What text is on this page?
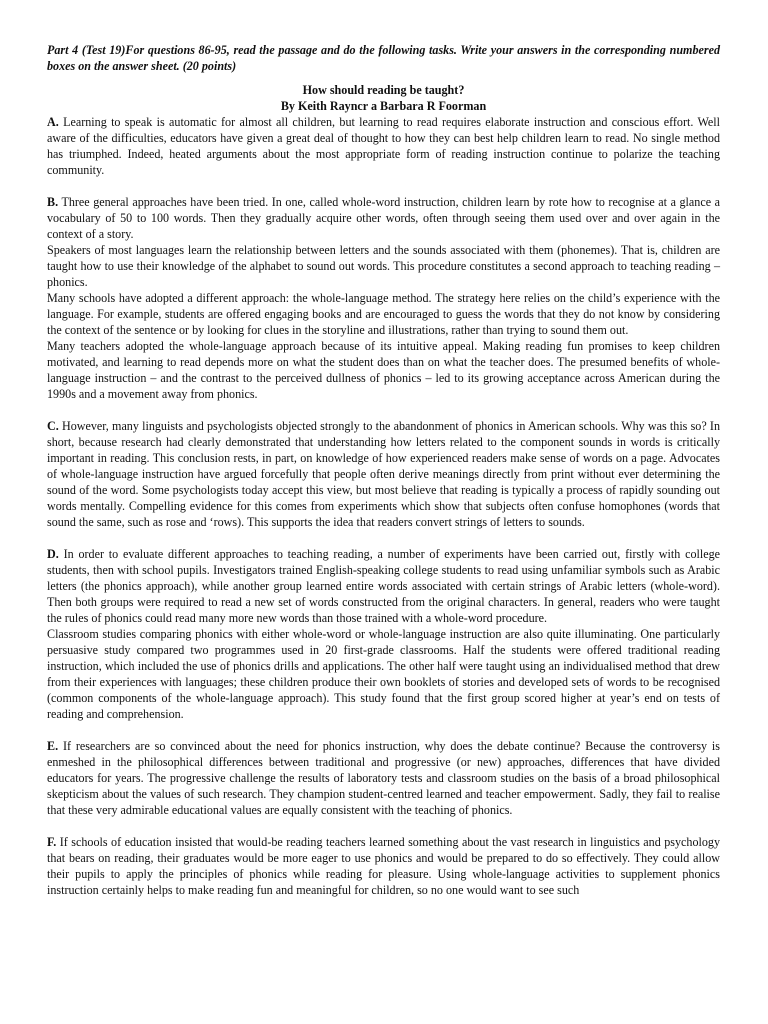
Part 4 (Test 19)For questions 86-95, read the passage and do the following tasks. Write your answers in the corresponding numbered boxes on the answer sheet. (20 points)

How should reading be taught?
By Keith Rayncr a Barbara R Foorman

A. Learning to speak is automatic for almost all children, but learning to read requires elaborate instruction and conscious effort. Well aware of the difficulties, educators have given a great deal of thought to how they can best help children learn to read. No single method has triumphed. Indeed, heated arguments about the most appropriate form of reading instruction continue to polarize the teaching community.

B. Three general approaches have been tried. In one, called whole-word instruction, children learn by rote how to recognise at a glance a vocabulary of 50 to 100 words. Then they gradually acquire other words, often through seeing them used over and over again in the context of a story.

Speakers of most languages learn the relationship between letters and the sounds associated with them (phonemes). That is, children are taught how to use their knowledge of the alphabet to sound out words. This procedure constitutes a second approach to teaching reading – phonics.

Many schools have adopted a different approach: the whole-language method. The strategy here relies on the child’s experience with the language. For example, students are offered engaging books and are encouraged to guess the words that they do not know by considering the context of the sentence or by looking for clues in the storyline and illustrations, rather than trying to sound them out.

Many teachers adopted the whole-language approach because of its intuitive appeal. Making reading fun promises to keep children motivated, and learning to read depends more on what the student does than on what the teacher does. The presumed benefits of whole-language instruction – and the contrast to the perceived dullness of phonics – led to its growing acceptance across American during the 1990s and a movement away from phonics.

C. However, many linguists and psychologists objected strongly to the abandonment of phonics in American schools. Why was this so? In short, because research had clearly demonstrated that understanding how letters related to the component sounds in words is critically important in reading. This conclusion rests, in part, on knowledge of how experienced readers make sense of words on a page. Advocates of whole-language instruction have argued forcefully that people often derive meanings directly from print without ever determining the sound of the word. Some psychologists today accept this view, but most believe that reading is typically a process of rapidly sounding out words mentally. Compelling evidence for this comes from experiments which show that subjects often confuse homophones (words that sound the same, such as rose and ‘rows). This supports the idea that readers convert strings of letters to sounds.

D. In order to evaluate different approaches to teaching reading, a number of experiments have been carried out, firstly with college students, then with school pupils. Investigators trained English-speaking college students to read using unfamiliar symbols such as Arabic letters (the phonics approach), while another group learned entire words associated with certain strings of Arabic letters (whole-word). Then both groups were required to read a new set of words constructed from the original characters. In general, readers who were taught the rules of phonics could read many more new words than those trained with a whole-word procedure.

Classroom studies comparing phonics with either whole-word or whole-language instruction are also quite illuminating. One particularly persuasive study compared two programmes used in 20 first-grade classrooms. Half the students were offered traditional reading instruction, which included the use of phonics drills and applications. The other half were taught using an individualised method that drew from their experiences with languages; these children produce their own booklets of stories and developed sets of words to be recognised (common components of the whole-language approach). This study found that the first group scored higher at year’s end on tests of reading and comprehension.

E. If researchers are so convinced about the need for phonics instruction, why does the debate continue? Because the controversy is enmeshed in the philosophical differences between traditional and progressive (or new) approaches, differences that have divided educators for years. The progressive challenge the results of laboratory tests and classroom studies on the basis of a broad philosophical skepticism about the values of such research. They champion student-centred learned and teacher empowerment. Sadly, they fail to realise that these very admirable educational values are equally consistent with the teaching of phonics.

F. If schools of education insisted that would-be reading teachers learned something about the vast research in linguistics and psychology that bears on reading, their graduates would be more eager to use phonics and would be prepared to do so effectively. They could allow their pupils to apply the principles of phonics while reading for pleasure. Using whole-language activities to supplement phonics instruction certainly helps to make reading fun and meaningful for children, so no one would want to see such
